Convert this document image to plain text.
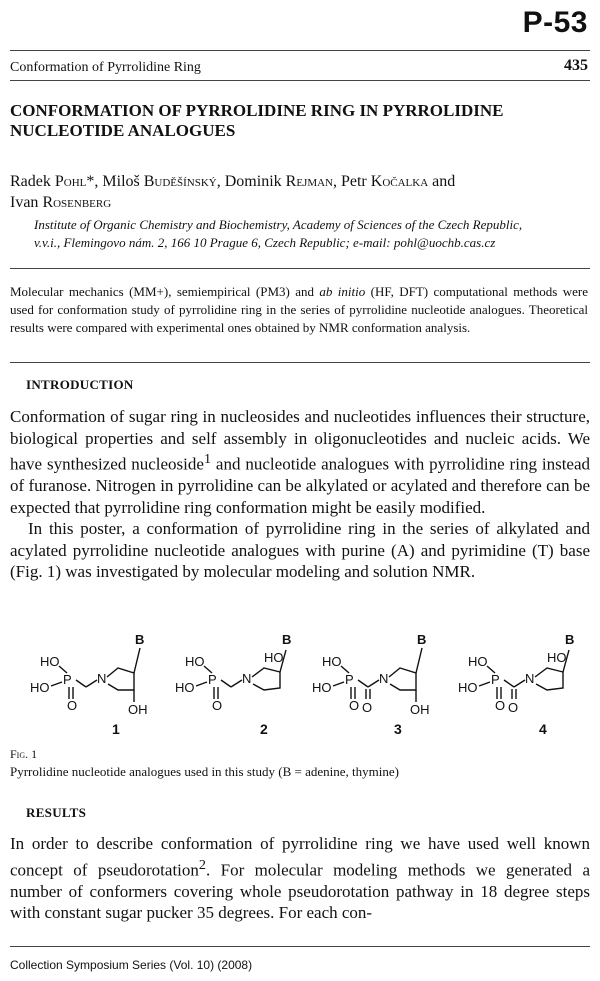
P-53
Conformation of Pyrrolidine Ring	435
CONFORMATION OF PYRROLIDINE RING IN PYRROLIDINE
NUCLEOTIDE ANALOGUES
Radek Pohl*, Miloš Buděšínský, Dominik Rejman, Petr Kočalka and
Ivan Rosenberg
Institute of Organic Chemistry and Biochemistry, Academy of Sciences of the Czech Republic,
v.v.i., Flemingovo nám. 2, 166 10 Prague 6, Czech Republic; e-mail: pohl@uochb.cas.cz
Molecular mechanics (MM+), semiempirical (PM3) and ab initio (HF, DFT) computational methods were used for conformation study of pyrrolidine ring in the series of pyrrolidine nucleotide analogues. Theoretical results were compared with experimental ones obtained by NMR conformation analysis.
INTRODUCTION

Conformation of sugar ring in nucleosides and nucleotides influences their structure, biological properties and self assembly in oligonucleotides and nucleic acids. We have synthesized nucleoside$^1$ and nucleotide analogues with pyrrolidine ring instead of furanose. Nitrogen in pyrrolidine can be alkylated or acylated and therefore can be expected that pyrrolidine ring conformation might be easily modified.

In this poster, a conformation of pyrrolidine ring in the series of alkylated and acylated pyrrolidine nucleotide analogues with purine (A) and pyrimidine (T) base (Fig. 1) was investigated by molecular modeling and solution NMR.

HO
HO
P
O
N
B
OH
1
HO
HO
P
O
N
B
HO
2
HO
HO
P
O O
N
B
OH
3
HO
HO
P
O O
N
B
HO
4
Fig. 1
Pyrrolidine nucleotide analogues used in this study (B = adenine, thymine)
RESULTS

In order to describe conformation of pyrrolidine ring we have used well known concept of pseudorotation$^2$. For molecular modeling methods we generated a number of conformers covering whole pseudorotation pathway in 18 degree steps with constant sugar pucker 35 degrees. For each con-

Collection Symposium Series (Vol. 10) (2008)
